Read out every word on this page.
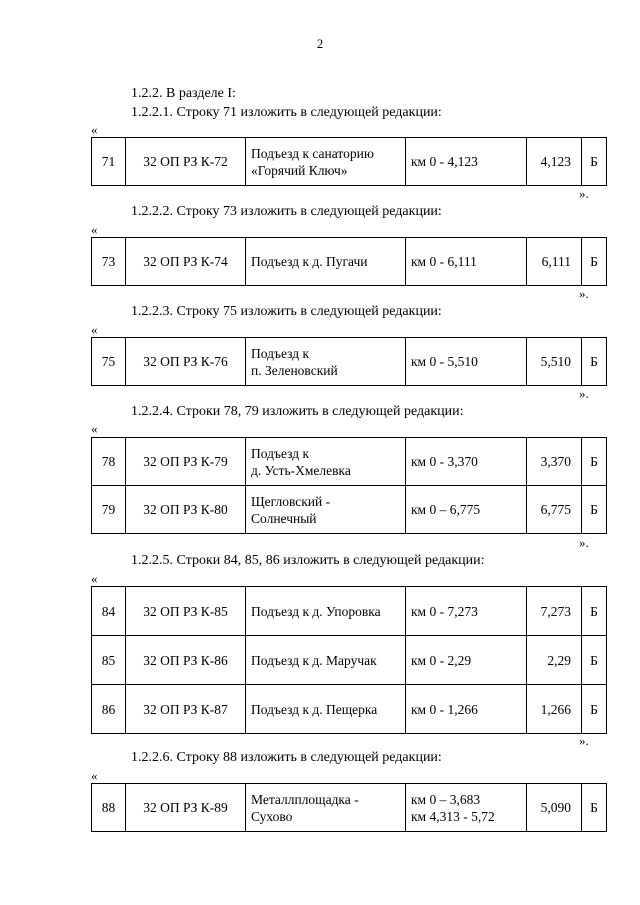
2
1.2.2. В разделе I:
1.2.2.1. Строку 71 изложить в следующей редакции:
«
71	32 ОП РЗ К-72	Подъезд к санаторию
«Горячий Ключ»	км 0 - 4,123	4,123	Б
».
1.2.2.2. Строку 73 изложить в следующей редакции:
«
73	32 ОП РЗ К-74	Подъезд к д. Пугачи	км 0 - 6,111	6,111	Б
».
1.2.2.3. Строку 75 изложить в следующей редакции:
«
75	32 ОП РЗ К-76	Подъезд к
п. Зеленовский	км 0 - 5,510	5,510	Б
».
1.2.2.4. Строки 78, 79 изложить в следующей редакции:
«
78	32 ОП РЗ К-79	Подъезд к
д. Усть-Хмелевка	км 0 - 3,370	3,370	Б
79	32 ОП РЗ К-80	Щегловский -
Солнечный	км 0 – 6,775	6,775	Б
».
1.2.2.5. Строки 84, 85, 86 изложить в следующей редакции:
«
84	32 ОП РЗ К-85	Подъезд к д. Упоровка	км 0 - 7,273	7,273	Б
85	32 ОП РЗ К-86	Подъезд к д. Маручак	км 0 - 2,29	2,29	Б
86	32 ОП РЗ К-87	Подъезд к д. Пещерка	км 0 - 1,266	1,266	Б
».
1.2.2.6. Строку 88 изложить в следующей редакции:
«
88	32 ОП РЗ К-89	Металлплощадка -
Сухово	км 0 – 3,683
км 4,313 - 5,72	5,090	Б
